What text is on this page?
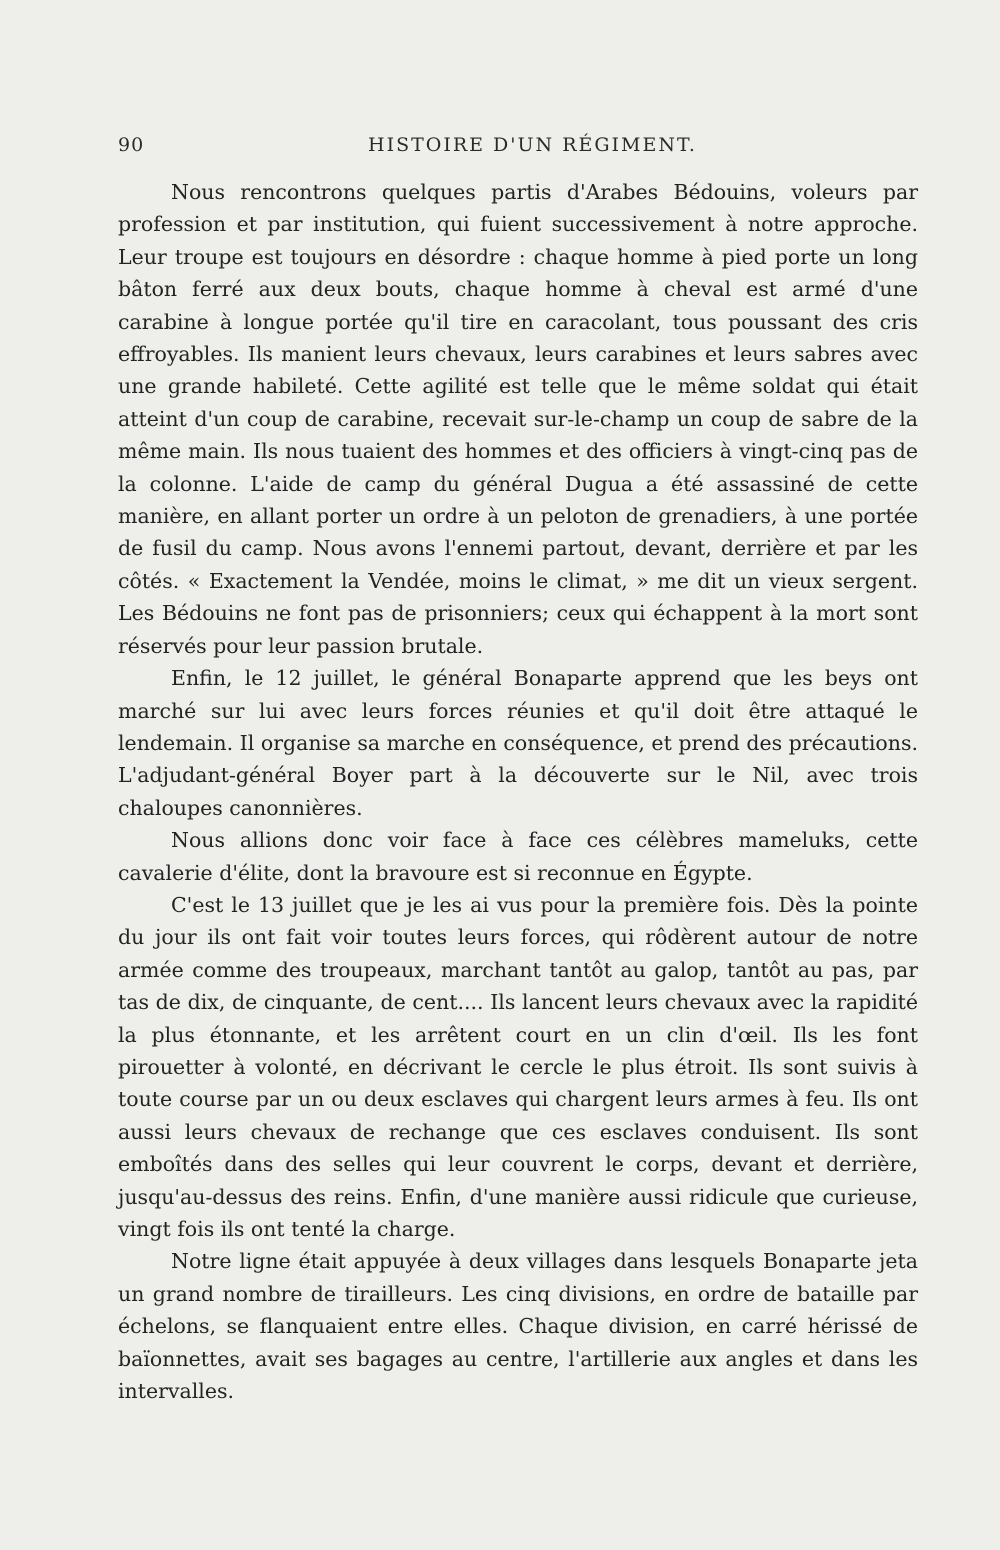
90	HISTOIRE D'UN RÉGIMENT.

Nous rencontrons quelques partis d'Arabes Bédouins, voleurs par profession et par institution, qui fuient successivement à notre approche. Leur troupe est toujours en désordre : chaque homme à pied porte un long bâton ferré aux deux bouts, chaque homme à cheval est armé d'une carabine à longue portée qu'il tire en caracolant, tous poussant des cris effroyables. Ils manient leurs chevaux, leurs carabines et leurs sabres avec une grande habileté. Cette agilité est telle que le même soldat qui était atteint d'un coup de carabine, recevait sur-le-champ un coup de sabre de la même main. Ils nous tuaient des hommes et des officiers à vingt-cinq pas de la colonne. L'aide de camp du général Dugua a été assassiné de cette manière, en allant porter un ordre à un peloton de grenadiers, à une portée de fusil du camp. Nous avons l'ennemi partout, devant, derrière et par les côtés. « Exactement la Vendée, moins le climat, » me dit un vieux sergent. Les Bédouins ne font pas de prisonniers; ceux qui échappent à la mort sont réservés pour leur passion brutale.

Enfin, le 12 juillet, le général Bonaparte apprend que les beys ont marché sur lui avec leurs forces réunies et qu'il doit être attaqué le lendemain. Il organise sa marche en conséquence, et prend des précautions. L'adjudant-général Boyer part à la découverte sur le Nil, avec trois chaloupes canonnières.

Nous allions donc voir face à face ces célèbres mameluks, cette cavalerie d'élite, dont la bravoure est si reconnue en Égypte.

C'est le 13 juillet que je les ai vus pour la première fois. Dès la pointe du jour ils ont fait voir toutes leurs forces, qui rôdèrent autour de notre armée comme des troupeaux, marchant tantôt au galop, tantôt au pas, par tas de dix, de cinquante, de cent.... Ils lancent leurs chevaux avec la rapidité la plus étonnante, et les arrêtent court en un clin d'œil. Ils les font pirouetter à volonté, en décrivant le cercle le plus étroit. Ils sont suivis à toute course par un ou deux esclaves qui chargent leurs armes à feu. Ils ont aussi leurs chevaux de rechange que ces esclaves conduisent. Ils sont emboîtés dans des selles qui leur couvrent le corps, devant et derrière, jusqu'au-dessus des reins. Enfin, d'une manière aussi ridicule que curieuse, vingt fois ils ont tenté la charge.

Notre ligne était appuyée à deux villages dans lesquels Bonaparte jeta un grand nombre de tirailleurs. Les cinq divisions, en ordre de bataille par échelons, se flanquaient entre elles. Chaque division, en carré hérissé de baïonnettes, avait ses bagages au centre, l'artillerie aux angles et dans les intervalles.
